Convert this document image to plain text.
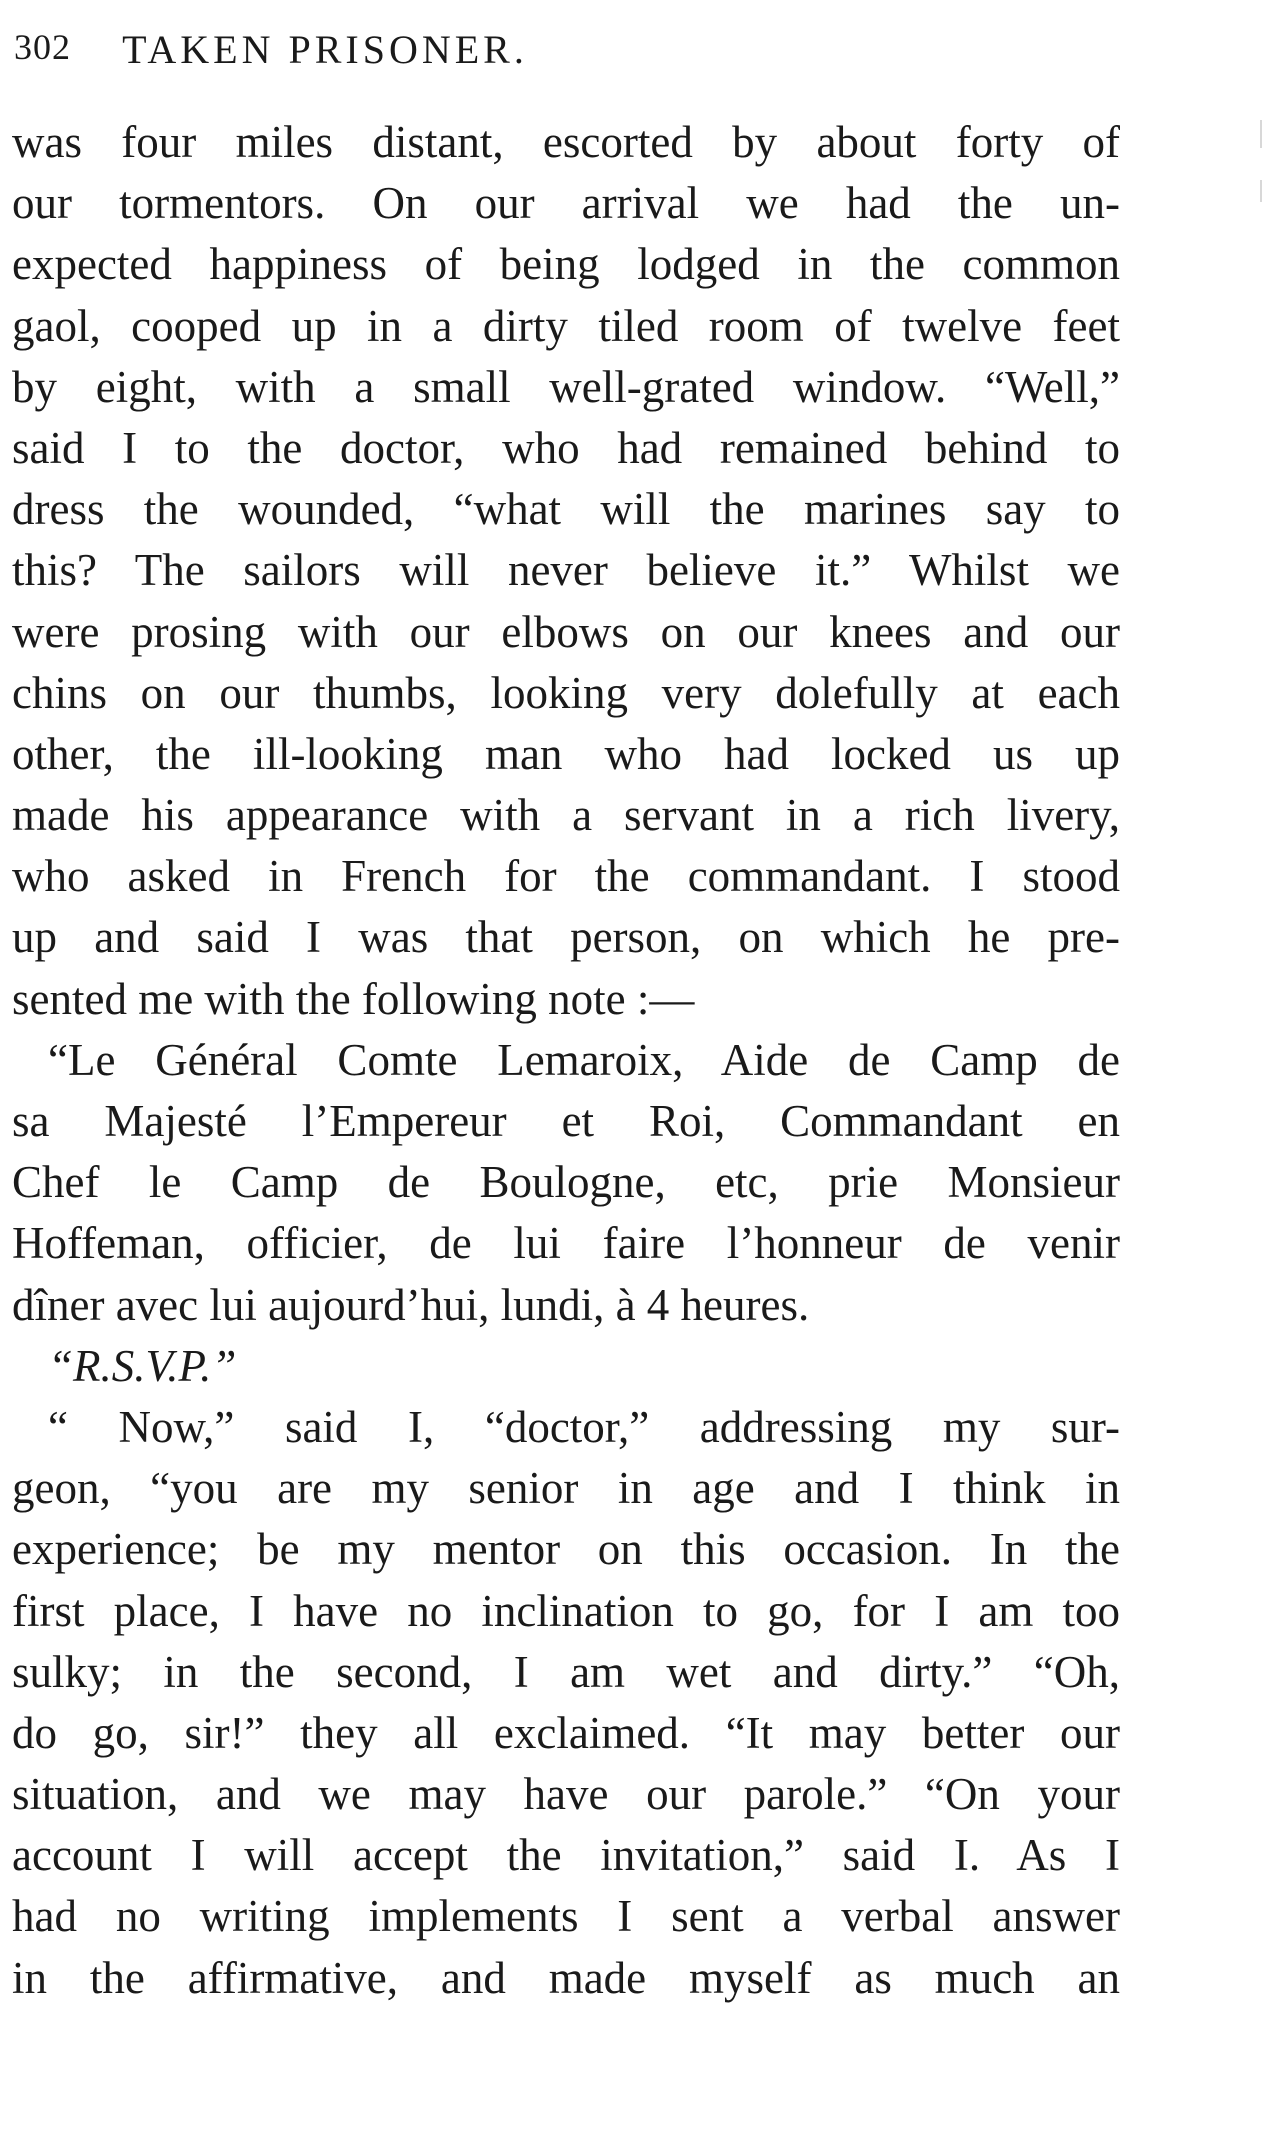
302	TAKEN PRISONER.
was four miles distant, escorted by about forty of
our tormentors. On our arrival we had the un-
expected happiness of being lodged in the common
gaol, cooped up in a dirty tiled room of twelve feet
by eight, with a small well-grated window. “Well,”
said I to the doctor, who had remained behind to
dress the wounded, “what will the marines say to
this? The sailors will never believe it.” Whilst we
were prosing with our elbows on our knees and our
chins on our thumbs, looking very dolefully at each
other, the ill-looking man who had locked us up
made his appearance with a servant in a rich livery,
who asked in French for the commandant. I stood
up and said I was that person, on which he pre-
sented me with the following note :—
“Le Général Comte Lemaroix, Aide de Camp de
sa Majesté l’Empereur et Roi, Commandant en
Chef le Camp de Boulogne, etc, prie Monsieur
Hoffeman, officier, de lui faire l’honneur de venir
dîner avec lui aujourd’hui, lundi, à 4 heures.
“R.S.V.P.”
“ Now,” said I, “doctor,” addressing my sur-
geon, “you are my senior in age and I think in
experience; be my mentor on this occasion. In the
first place, I have no inclination to go, for I am too
sulky; in the second, I am wet and dirty.” “Oh,
do go, sir!” they all exclaimed. “It may better our
situation, and we may have our parole.” “On your
account I will accept the invitation,” said I. As I
had no writing implements I sent a verbal answer
in the affirmative, and made myself as much an
